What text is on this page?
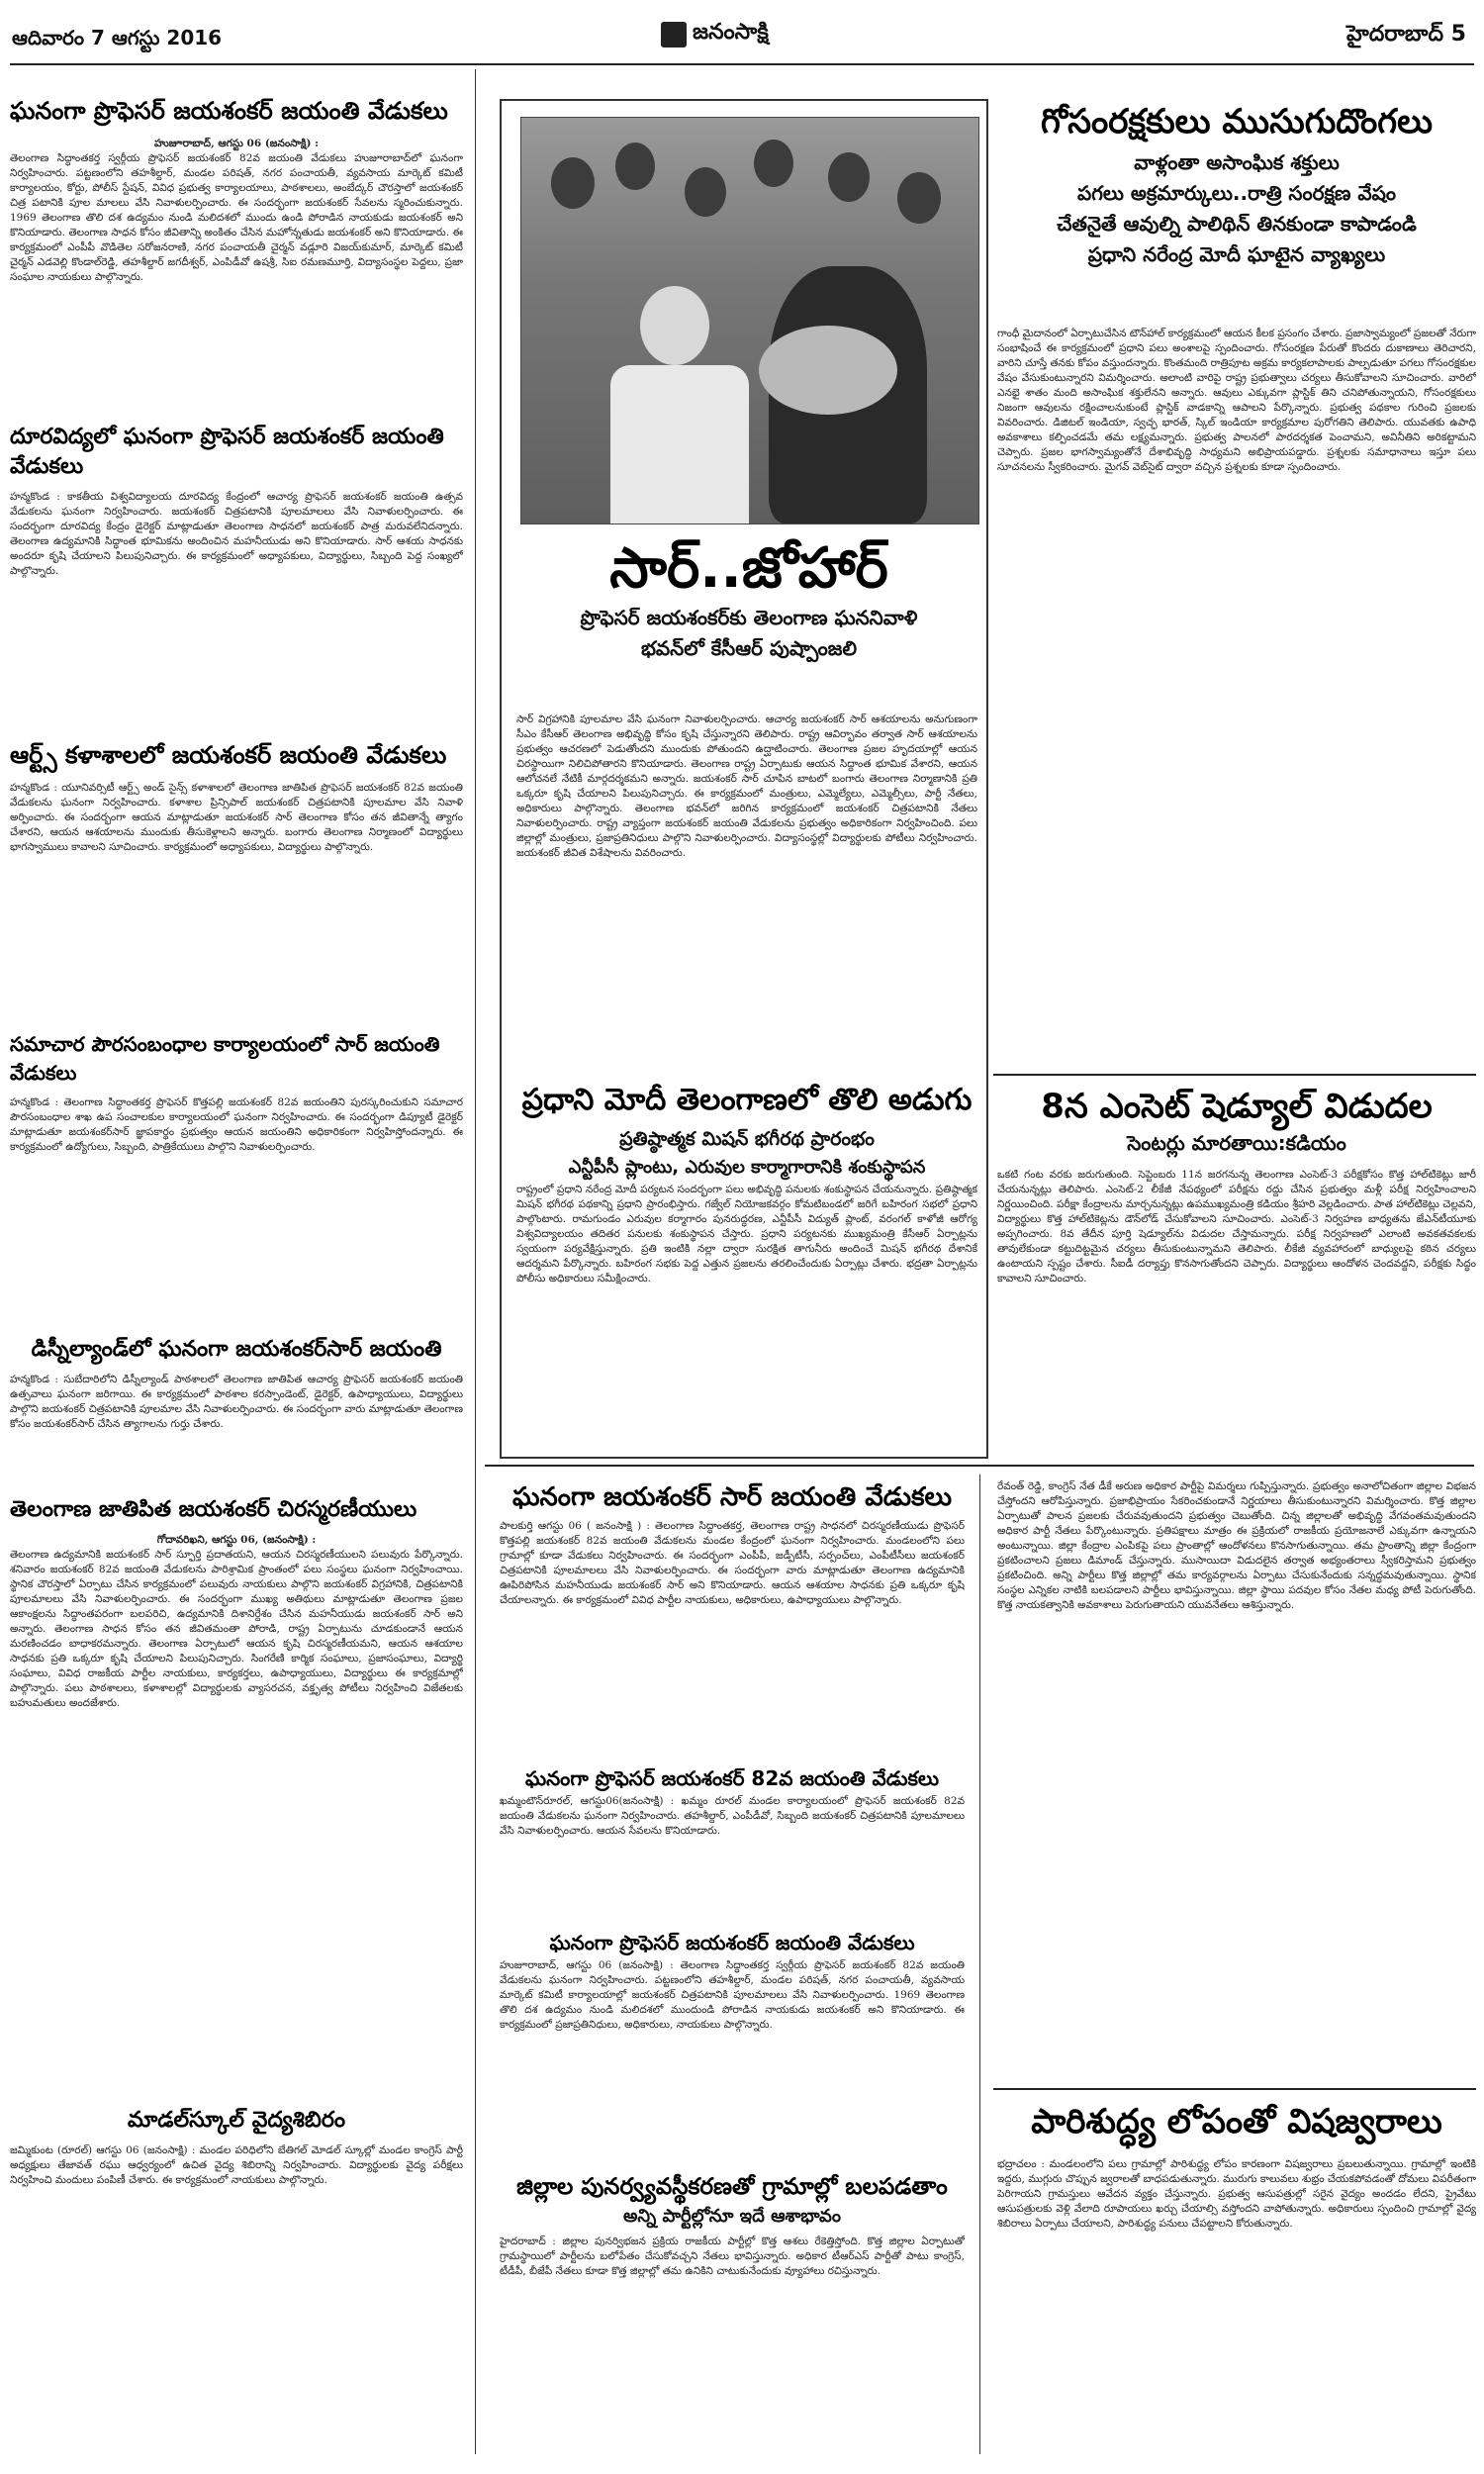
ఆదివారం 7 ఆగస్టు 2016	జనంసాక్షి	హైదరాబాద్ 5
ఘనంగా ప్రొఫెసర్ జయశంకర్ జయంతి వేడుకలు
హుజూరాబాద్, ఆగస్టు 06 (జనంసాక్షి) :
తెలంగాణ సిద్ధాంతకర్త స్వర్గీయ ప్రొఫెసర్ జయశంకర్ 82వ జయంతి వేడుకలు హుజూరాబాద్‌లో ఘనంగా నిర్వహించారు. పట్టణంలోని తహశీల్దార్, మండల పరిషత్, నగర పంచాయతీ, వ్యవసాయ మార్కెట్ కమిటీ కార్యాలయం, కోర్టు, పోలీస్ స్టేషన్, వివిధ ప్రభుత్వ కార్యాలయాలు, పాఠశాలలు, అంబేద్కర్ చౌరస్తాలో జయశంకర్ చిత్ర పటానికి పూల మాలలు వేసి నివాళులర్పించారు. ఈ సందర్భంగా జయశంకర్ సేవలను స్మరించుకున్నారు. 1969 తెలంగాణ తొలి దశ ఉద్యమం నుండి మలిదశలో ముందు ఉండి పోరాడిన నాయకుడు జయశంకర్ అని కొనియాడారు. తెలంగాణ సాధన కోసం జీవితాన్ని అంకితం చేసిన మహోన్నతుడు జయశంకర్ అని కొనియాడారు. ఈ కార్యక్రమంలో ఎంపీపీ వొడితెల సరోజనరాణి, నగర పంచాయతీ చైర్మన్ వడ్లూరి విజయ్‌కుమార్, మార్కెట్ కమిటీ చైర్మన్ ఎడవెల్లి కొండాల్‌రెడ్డి, తహశీల్దార్ జగదీశ్వర్, ఎంపిడీవో ఉషశ్రీ, సిఐ రమణమూర్తి, విద్యాసంస్థల పెద్దలు, ప్రజా సంఘాల నాయకులు పాల్గొన్నారు.
దూరవిద్యలో ఘనంగా ప్రొఫెసర్ జయశంకర్ జయంతి వేడుకలు
హన్మకొండ : కాకతీయ విశ్వవిద్యాలయ దూరవిద్య కేంద్రంలో ఆచార్య ప్రొఫెసర్ జయశంకర్ జయంతి ఉత్సవ వేడుకలను ఘనంగా నిర్వహించారు. జయశంకర్ చిత్రపటానికి పూలమాలలు వేసి నివాళులర్పించారు. ఈ సందర్భంగా దూరవిద్య కేంద్రం డైరెక్టర్ మాట్లాడుతూ తెలంగాణ సాధనలో జయశంకర్ పాత్ర మరువలేనిదన్నారు. తెలంగాణ ఉద్యమానికి సిద్ధాంత భూమికను అందించిన మహనీయుడు అని కొనియాడారు. సార్ ఆశయ సాధనకు అందరూ కృషి చేయాలని పిలుపునిచ్చారు. ఈ కార్యక్రమంలో అధ్యాపకులు, విద్యార్థులు, సిబ్బంది పెద్ద సంఖ్యలో పాల్గొన్నారు.
ఆర్ట్స్ కళాశాలలో జయశంకర్ జయంతి వేడుకలు
హన్మకొండ : యూనివర్సిటీ ఆర్ట్స్ అండ్ సైన్స్ కళాశాలలో తెలంగాణ జాతిపిత ప్రొఫెసర్ జయశంకర్ 82వ జయంతి వేడుకలను ఘనంగా నిర్వహించారు. కళాశాల ప్రిన్సిపాల్ జయశంకర్ చిత్రపటానికి పూలమాల వేసి నివాళి అర్పించారు. ఈ సందర్భంగా ఆయన మాట్లాడుతూ జయశంకర్ సార్ తెలంగాణ కోసం తన జీవితాన్నే త్యాగం చేశారని, ఆయన ఆశయాలను ముందుకు తీసుకెళ్లాలని అన్నారు. బంగారు తెలంగాణ నిర్మాణంలో విద్యార్థులు భాగస్వాములు కావాలని సూచించారు. కార్యక్రమంలో అధ్యాపకులు, విద్యార్థులు పాల్గొన్నారు.
సమాచార పౌరసంబంధాల కార్యాలయంలో సార్ జయంతి వేడుకలు
హన్మకొండ : తెలంగాణ సిద్ధాంతకర్త ప్రొఫెసర్ కొత్తపల్లి జయశంకర్ 82వ జయంతిని పురస్కరించుకుని సమాచార పౌరసంబంధాల శాఖ ఉప సంచాలకుల కార్యాలయంలో ఘనంగా నిర్వహించారు. ఈ సందర్భంగా డిప్యూటీ డైరెక్టర్ మాట్లాడుతూ జయశంకర్‌సార్ జ్ఞాపకార్థం ప్రభుత్వం ఆయన జయంతిని అధికారికంగా నిర్వహిస్తోందన్నారు. ఈ కార్యక్రమంలో ఉద్యోగులు, సిబ్బంది, పాత్రికేయులు పాల్గొని నివాళులర్పించారు.
డిస్నీల్యాండ్‌లో ఘనంగా జయశంకర్‌సార్ జయంతి
హన్మకొండ : సుబేదారిలోని డిస్నీల్యాండ్ పాఠశాలలో తెలంగాణ జాతిపిత ఆచార్య ప్రొఫెసర్ జయశంకర్ జయంతి ఉత్సవాలు ఘనంగా జరిగాయి. ఈ కార్యక్రమంలో పాఠశాల కరస్పాండెంట్, డైరెక్టర్, ఉపాధ్యాయులు, విద్యార్థులు పాల్గొని జయశంకర్ చిత్రపటానికి పూలమాల వేసి నివాళులర్పించారు. ఈ సందర్భంగా వారు మాట్లాడుతూ తెలంగాణ కోసం జయశంకర్‌సార్ చేసిన త్యాగాలను గుర్తు చేశారు.
తెలంగాణ జాతిపిత జయశంకర్ చిరస్మరణీయులు
గోదావరిఖని, ఆగస్టు 06, (జనంసాక్షి) :
తెలంగాణ ఉద్యమానికి జయశంకర్ సార్ స్ఫూర్తి ప్రదాతయని, ఆయన చిరస్మరణీయులని పలువురు పేర్కొన్నారు. శనివారం జయశంకర్ 82వ జయంతి వేడుకలను పారిశ్రామిక ప్రాంతంలో పలు సంస్థలు ఘనంగా నిర్వహించాయి. స్థానిక చౌరస్తాలో ఏర్పాటు చేసిన కార్యక్రమంలో పలువురు నాయకులు పాల్గొని జయశంకర్ విగ్రహానికి, చిత్రపటానికి పూలమాలలు వేసి నివాళులర్పించారు. ఈ సందర్భంగా ముఖ్య అతిథులు మాట్లాడుతూ తెలంగాణ ప్రజల ఆకాంక్షలను సిద్ధాంతపరంగా బలపరిచి, ఉద్యమానికి దిశానిర్దేశం చేసిన మహనీయుడు జయశంకర్ సార్ అని అన్నారు. తెలంగాణ సాధన కోసం తన జీవితమంతా పోరాడి, రాష్ట్ర ఏర్పాటును చూడకుండానే ఆయన మరణించడం బాధాకరమన్నారు. తెలంగాణ ఏర్పాటులో ఆయన కృషి చిరస్మరణీయమని, ఆయన ఆశయాల సాధనకు ప్రతి ఒక్కరూ కృషి చేయాలని పిలుపునిచ్చారు. సింగరేణి కార్మిక సంఘాలు, ప్రజాసంఘాలు, విద్యార్థి సంఘాలు, వివిధ రాజకీయ పార్టీల నాయకులు, కార్యకర్తలు, ఉపాధ్యాయులు, విద్యార్థులు ఈ కార్యక్రమాల్లో పాల్గొన్నారు. పలు పాఠశాలలు, కళాశాలల్లో విద్యార్థులకు వ్యాసరచన, వక్తృత్వ పోటీలు నిర్వహించి విజేతలకు బహుమతులు అందజేశారు.
మాడల్‌స్కూల్ వైద్యశిబిరం
జమ్మికుంట (రూరల్) ఆగస్టు 06 (జనంసాక్షి) : మండల పరిధిలోని బేతిగల్ మోడల్ స్కూల్లో మండల కాంగ్రెస్ పార్టీ అధ్యక్షులు తేజావత్ రఘు ఆధ్వర్యంలో ఉచిత వైద్య శిబిరాన్ని నిర్వహించారు. విద్యార్థులకు వైద్య పరీక్షలు నిర్వహించి మందులు పంపిణీ చేశారు. ఈ కార్యక్రమంలో నాయకులు పాల్గొన్నారు.
సార్..జోహార్
ప్రొఫెసర్ జయశంకర్‌కు తెలంగాణ ఘననివాళి
భవన్‌లో కేసీఆర్ పుష్పాంజలి
సార్ విగ్రహానికి పూలమాల వేసి ఘనంగా నివాళులర్పించారు. ఆచార్య జయశంకర్ సార్ ఆశయాలను అనుగుణంగా సీఎం కేసీఆర్ తెలంగాణ అభివృద్ధి కోసం కృషి చేస్తున్నారని తెలిపారు. రాష్ట్ర ఆవిర్భావం తర్వాత సార్ ఆశయాలను ప్రభుత్వం ఆచరణలో పెడుతోందని ముందుకు పోతుందని ఉద్ఘాటించారు. తెలంగాణ ప్రజల హృదయాల్లో ఆయన చిరస్థాయిగా నిలిచిపోతారని కొనియాడారు. తెలంగాణ రాష్ట్ర ఏర్పాటుకు ఆయన సిద్ధాంత భూమిక వేశారని, ఆయన ఆలోచనలే నేటికీ మార్గదర్శకమని అన్నారు. జయశంకర్ సార్ చూపిన బాటలో బంగారు తెలంగాణ నిర్మాణానికి ప్రతి ఒక్కరూ కృషి చేయాలని పిలుపునిచ్చారు. ఈ కార్యక్రమంలో మంత్రులు, ఎమ్మెల్యేలు, ఎమ్మెల్సీలు, పార్టీ నేతలు, అధికారులు పాల్గొన్నారు. తెలంగాణ భవన్‌లో జరిగిన కార్యక్రమంలో జయశంకర్ చిత్రపటానికి నేతలు నివాళులర్పించారు. రాష్ట్ర వ్యాప్తంగా జయశంకర్ జయంతి వేడుకలను ప్రభుత్వం అధికారికంగా నిర్వహించింది. పలు జిల్లాల్లో మంత్రులు, ప్రజాప్రతినిధులు పాల్గొని నివాళులర్పించారు. విద్యాసంస్థల్లో విద్యార్థులకు పోటీలు నిర్వహించారు. జయశంకర్ జీవిత విశేషాలను వివరించారు.
ప్రధాని మోదీ తెలంగాణలో తొలి అడుగు
ప్రతిష్ఠాత్మక మిషన్ భగీరథ ప్రారంభం
ఎన్టీపీసీ ప్లాంటు, ఎరువుల కార్మాగారానికి శంకుస్థాపన
రాష్ట్రంలో ప్రధాని నరేంద్ర మోదీ పర్యటన సందర్భంగా పలు అభివృద్ధి పనులకు శంకుస్థాపన చేయనున్నారు. ప్రతిష్ఠాత్మక మిషన్ భగీరథ పథకాన్ని ప్రధాని ప్రారంభిస్తారు. గజ్వేల్ నియోజకవర్గం కోమటిబండలో జరిగే బహిరంగ సభలో ప్రధాని పాల్గొంటారు. రామగుండం ఎరువుల కర్మాగారం పునరుద్ధరణ, ఎన్టీపీసీ విద్యుత్ ప్లాంట్, వరంగల్ కాళోజీ ఆరోగ్య విశ్వవిద్యాలయం తదితర పనులకు శంకుస్థాపన చేస్తారు. ప్రధాని పర్యటనకు ముఖ్యమంత్రి కేసీఆర్ ఏర్పాట్లను స్వయంగా పర్యవేక్షిస్తున్నారు. ప్రతి ఇంటికి నల్లా ద్వారా సురక్షిత తాగునీరు అందించే మిషన్ భగీరథ దేశానికే ఆదర్శమని పేర్కొన్నారు. బహిరంగ సభకు పెద్ద ఎత్తున ప్రజలను తరలించేందుకు ఏర్పాట్లు చేశారు. భద్రతా ఏర్పాట్లను పోలీసు అధికారులు సమీక్షించారు.
గోసంరక్షకులు ముసుగుదొంగలు
వాళ్లంతా అసాంఘిక శక్తులు
పగలు అక్రమార్కులు..రాత్రి సంరక్షణ వేషం
చేతనైతే ఆవుల్ని పాలిథిన్ తినకుండా కాపాడండి
ప్రధాని నరేంద్ర మోదీ ఘాటైన వ్యాఖ్యలు
గాంధీ మైదానంలో ఏర్పాటుచేసిన టౌన్‌హాల్ కార్యక్రమంలో ఆయన కీలక ప్రసంగం చేశారు. ప్రజాస్వామ్యంలో ప్రజలతో నేరుగా సంభాషించే ఈ కార్యక్రమంలో ప్రధాని పలు అంశాలపై స్పందించారు. గోసంరక్షణ పేరుతో కొందరు దుకాణాలు తెరిచారని, వారిని చూస్తే తనకు కోపం వస్తుందన్నారు. కొంతమంది రాత్రిపూట అక్రమ కార్యకలాపాలకు పాల్పడుతూ పగలు గోసంరక్షకుల వేషం వేసుకుంటున్నారని విమర్శించారు. అలాంటి వారిపై రాష్ట్ర ప్రభుత్వాలు చర్యలు తీసుకోవాలని సూచించారు. వారిలో ఎనభై శాతం మంది అసాంఘిక శక్తులేనని అన్నారు. ఆవులు ఎక్కువగా ప్లాస్టిక్ తిని చనిపోతున్నాయని, గోసంరక్షకులు నిజంగా ఆవులను రక్షించాలనుకుంటే ప్లాస్టిక్ వాడకాన్ని ఆపాలని పేర్కొన్నారు. ప్రభుత్వ పథకాల గురించి ప్రజలకు వివరించారు. డిజిటల్ ఇండియా, స్వచ్ఛ భారత్, స్కిల్ ఇండియా కార్యక్రమాల పురోగతిని తెలిపారు. యువతకు ఉపాధి అవకాశాలు కల్పించడమే తమ లక్ష్యమన్నారు. ప్రభుత్వ పాలనలో పారదర్శకత పెంచామని, అవినీతిని అరికట్టామని చెప్పారు. ప్రజల భాగస్వామ్యంతోనే దేశాభివృద్ధి సాధ్యమని అభిప్రాయపడ్డారు. ప్రశ్నలకు సమాధానాలు ఇస్తూ పలు సూచనలను స్వీకరించారు. మైగవ్ వెబ్‌సైట్ ద్వారా వచ్చిన ప్రశ్నలకు కూడా స్పందించారు.
8న ఎంసెట్ షెడ్యూల్ విడుదల
సెంటర్లు మారతాయి:కడియం
ఒకటి గంట వరకు జరుగుతుంది. సెప్టెంబరు 11న జరగనున్న తెలంగాణ ఎంసెట్-3 పరీక్షకోసం కొత్త హాల్‌టికెట్లు జారీ చేయనున్నట్లు తెలిపారు. ఎంసెట్-2 లీకేజీ నేపథ్యంలో పరీక్షను రద్దు చేసిన ప్రభుత్వం మళ్లీ పరీక్ష నిర్వహించాలని నిర్ణయించింది. పరీక్షా కేంద్రాలను మార్చనున్నట్లు ఉపముఖ్యమంత్రి కడియం శ్రీహరి వెల్లడించారు. పాత హాల్‌టికెట్లు చెల్లవని, విద్యార్థులు కొత్త హాల్‌టికెట్లను డౌన్‌లోడ్ చేసుకోవాలని సూచించారు. ఎంసెట్-3 నిర్వహణ బాధ్యతను జేఎన్‌టీయూకు అప్పగించారు. 8వ తేదీన పూర్తి షెడ్యూల్‌ను విడుదల చేస్తామన్నారు. పరీక్ష నిర్వహణలో ఎలాంటి అవకతవకలకు తావులేకుండా కట్టుదిట్టమైన చర్యలు తీసుకుంటున్నామని తెలిపారు. లీకేజీ వ్యవహారంలో బాధ్యులపై కఠిన చర్యలు ఉంటాయని స్పష్టం చేశారు. సీఐడీ దర్యాప్తు కొనసాగుతోందని చెప్పారు. విద్యార్థులు ఆందోళన చెందవద్దని, పరీక్షకు సిద్ధం కావాలని సూచించారు.
ఘనంగా జయశంకర్ సార్ జయంతి వేడుకలు
పాలకుర్తి ఆగస్టు 06 ( జనంసాక్షి ) : తెలంగాణ సిద్ధాంతకర్త, తెలంగాణ రాష్ట్ర సాధనలో చిరస్మరణీయుడు ప్రొఫెసర్ కొత్తపల్లి జయశంకర్ 82వ జయంతి వేడుకలను మండల కేంద్రంలో ఘనంగా నిర్వహించారు. మండలంలోని పలు గ్రామాల్లో కూడా వేడుకలు నిర్వహించారు. ఈ సందర్భంగా ఎంపీపీ, జడ్పీటీసీ, సర్పంచ్‌లు, ఎంపీటీసీలు జయశంకర్ చిత్రపటానికి పూలమాలలు వేసి నివాళులర్పించారు. ఈ సందర్భంగా వారు మాట్లాడుతూ తెలంగాణ ఉద్యమానికి ఊపిరిపోసిన మహనీయుడు జయశంకర్ సార్ అని కొనియాడారు. ఆయన ఆశయాల సాధనకు ప్రతి ఒక్కరూ కృషి చేయాలన్నారు. ఈ కార్యక్రమంలో వివిధ పార్టీల నాయకులు, అధికారులు, ఉపాధ్యాయులు పాల్గొన్నారు.
ఘనంగా ప్రొఫెసర్ జయశంకర్ 82వ జయంతి వేడుకలు
ఖమ్మంటౌన్‌రూరల్, ఆగస్టు06(జనంసాక్షి) : ఖమ్మం రూరల్ మండల కార్యాలయంలో ప్రొఫెసర్ జయశంకర్ 82వ జయంతి వేడుకలను ఘనంగా నిర్వహించారు. తహశీల్దార్, ఎంపీడీవో, సిబ్బంది జయశంకర్ చిత్రపటానికి పూలమాలలు వేసి నివాళులర్పించారు. ఆయన సేవలను కొనియాడారు.
ఘనంగా ప్రొఫెసర్ జయశంకర్ జయంతి వేడుకలు
హుజూరాబాద్, ఆగస్టు 06 (జనంసాక్షి) : తెలంగాణ సిద్ధాంతకర్త స్వర్గీయ ప్రొఫెసర్ జయశంకర్ 82వ జయంతి వేడుకలను ఘనంగా నిర్వహించారు. పట్టణంలోని తహశీల్దార్, మండల పరిషత్, నగర పంచాయతీ, వ్యవసాయ మార్కెట్ కమిటీ కార్యాలయాల్లో జయశంకర్ చిత్రపటానికి పూలమాలలు వేసి నివాళులర్పించారు. 1969 తెలంగాణ తొలి దశ ఉద్యమం నుండి మలిదశలో ముందుండి పోరాడిన నాయకుడు జయశంకర్ అని కొనియాడారు. ఈ కార్యక్రమంలో ప్రజాప్రతినిధులు, అధికారులు, నాయకులు పాల్గొన్నారు.
జిల్లాల పునర్వ్యవస్థీకరణతో గ్రామాల్లో బలపడతాం
అన్ని పార్టీల్లోనూ ఇదే ఆశాభావం
హైదరాబాద్ : జిల్లాల పునర్విభజన ప్రక్రియ రాజకీయ పార్టీల్లో కొత్త ఆశలు రేకెత్తిస్తోంది. కొత్త జిల్లాల ఏర్పాటుతో గ్రామస్థాయిలో పార్టీలను బలోపేతం చేసుకోవచ్చని నేతలు భావిస్తున్నారు. అధికార టీఆర్‌ఎస్ పార్టీతో పాటు కాంగ్రెస్, టీడీపీ, బీజేపీ నేతలు కూడా కొత్త జిల్లాల్లో తమ ఉనికిని చాటుకునేందుకు వ్యూహాలు రచిస్తున్నారు.
రేవంత్ రెడ్డి, కాంగ్రెస్ నేత డీకే అరుణ అధికార పార్టీపై విమర్శలు గుప్పిస్తున్నారు. ప్రభుత్వం అనాలోచితంగా జిల్లాల విభజన చేస్తోందని ఆరోపిస్తున్నారు. ప్రజాభిప్రాయం సేకరించకుండానే నిర్ణయాలు తీసుకుంటున్నారని విమర్శించారు. కొత్త జిల్లాల ఏర్పాటుతో పాలన ప్రజలకు చేరువవుతుందని ప్రభుత్వం చెబుతోంది. చిన్న జిల్లాలతో అభివృద్ధి వేగవంతమవుతుందని అధికార పార్టీ నేతలు పేర్కొంటున్నారు. ప్రతిపక్షాలు మాత్రం ఈ ప్రక్రియలో రాజకీయ ప్రయోజనాలే ఎక్కువగా ఉన్నాయని అంటున్నాయి. జిల్లా కేంద్రాల ఎంపికపై పలు ప్రాంతాల్లో ఆందోళనలు కొనసాగుతున్నాయి. తమ ప్రాంతాన్ని జిల్లా కేంద్రంగా ప్రకటించాలని ప్రజలు డిమాండ్ చేస్తున్నారు. ముసాయిదా విడుదలైన తర్వాత అభ్యంతరాలు స్వీకరిస్తామని ప్రభుత్వం ప్రకటించింది. అన్ని పార్టీలు కొత్త జిల్లాల్లో తమ కార్యవర్గాలను ఏర్పాటు చేసుకునేందుకు సన్నద్ధమవుతున్నాయి. స్థానిక సంస్థల ఎన్నికల నాటికి బలపడాలని పార్టీలు భావిస్తున్నాయి. జిల్లా స్థాయి పదవుల కోసం నేతల మధ్య పోటీ పెరుగుతోంది. కొత్త నాయకత్వానికి అవకాశాలు పెరుగుతాయని యువనేతలు ఆశిస్తున్నారు.
పారిశుద్ధ్య లోపంతో విషజ్వరాలు
భద్రాచలం : మండలంలోని పలు గ్రామాల్లో పారిశుద్ధ్య లోపం కారణంగా విషజ్వరాలు ప్రబలుతున్నాయి. గ్రామాల్లో ఇంటికి ఇద్దరు, ముగ్గురు చొప్పున జ్వరాలతో బాధపడుతున్నారు. మురుగు కాలువలు శుభ్రం చేయకపోవడంతో దోమలు విపరీతంగా పెరిగాయని గ్రామస్తులు ఆవేదన వ్యక్తం చేస్తున్నారు. ప్రభుత్వ ఆసుపత్రుల్లో సరైన వైద్యం అందడం లేదని, ప్రైవేటు ఆసుపత్రులకు వెళ్లి వేలాది రూపాయలు ఖర్చు చేయాల్సి వస్తోందని వాపోతున్నారు. అధికారులు స్పందించి గ్రామాల్లో వైద్య శిబిరాలు ఏర్పాటు చేయాలని, పారిశుద్ధ్య పనులు చేపట్టాలని కోరుతున్నారు.
